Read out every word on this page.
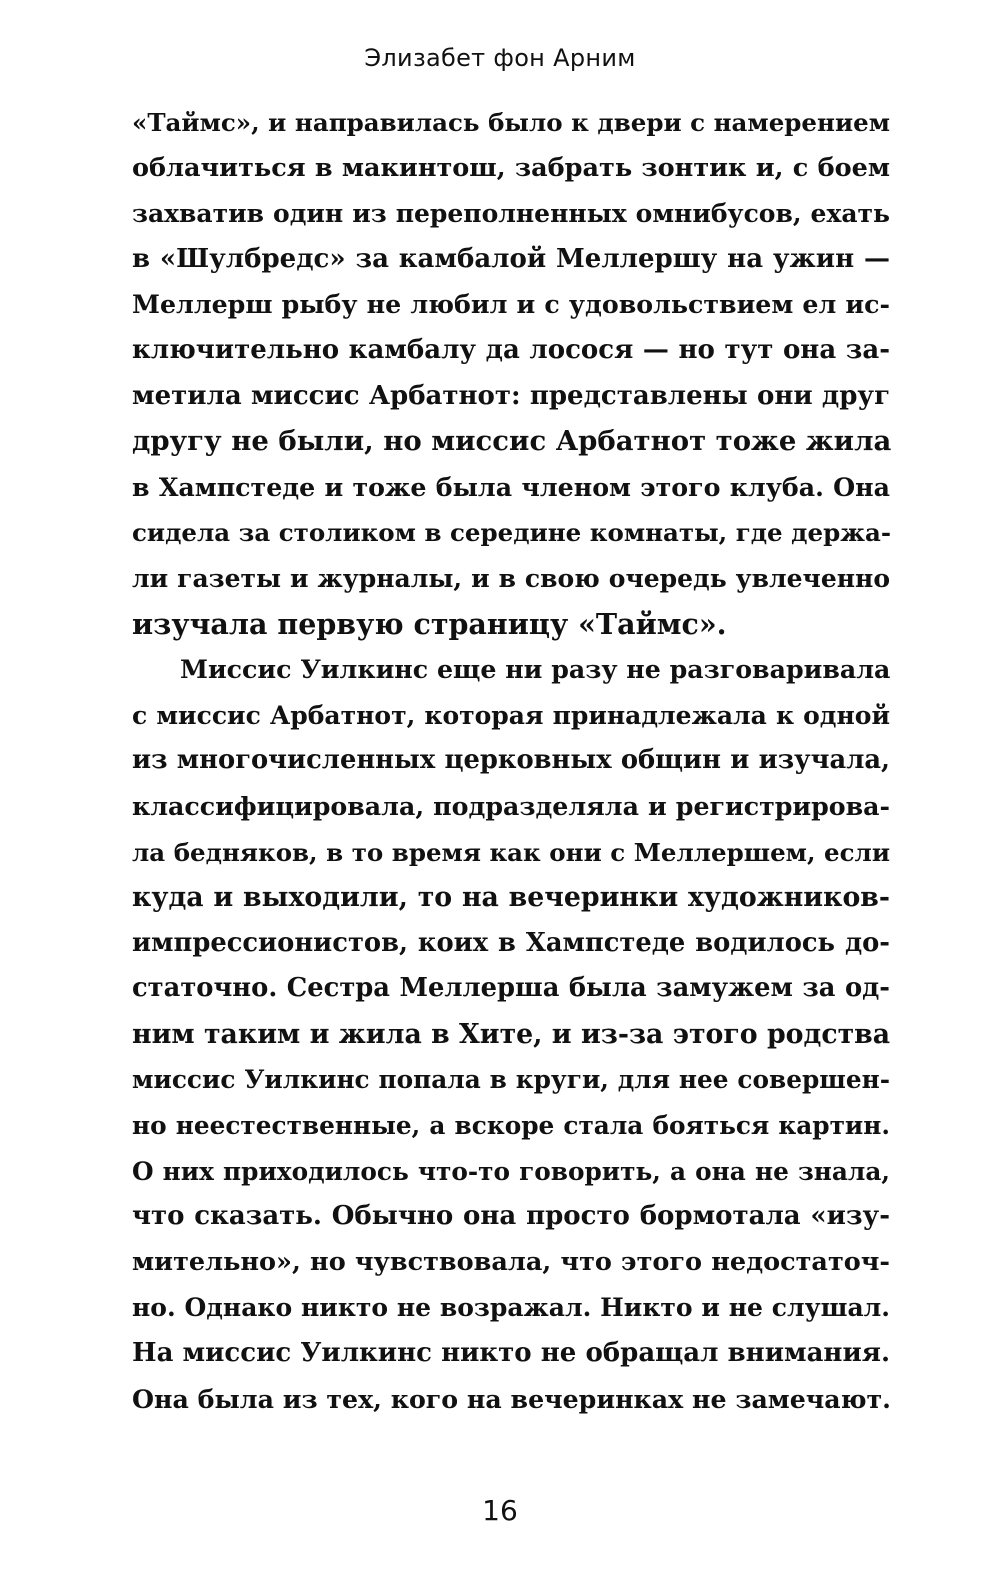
Элизабет фон Арним
«Таймс», и направилась было к двери с намерением
облачиться в макинтош, забрать зонтик и, с боем
захватив один из переполненных омнибусов, ехать
в «Шулбредс» за камбалой Меллершу на ужин —
Меллерш рыбу не любил и с удовольствием ел ис-
ключительно камбалу да лосося — но тут она за-
метила миссис Арбатнот: представлены они друг
другу не были, но миссис Арбатнот тоже жила
в Хампстеде и тоже была членом этого клуба. Она
сидела за столиком в середине комнаты, где держа-
ли газеты и журналы, и в свою очередь увлеченно
изучала первую страницу «Таймс».
Миссис Уилкинс еще ни разу не разговаривала
с миссис Арбатнот, которая принадлежала к одной
из многочисленных церковных общин и изучала,
классифицировала, подразделяла и регистрирова-
ла бедняков, в то время как они с Меллершем, если
куда и выходили, то на вечеринки художников-
импрессионистов, коих в Хампстеде водилось до-
статочно. Сестра Меллерша была замужем за од-
ним таким и жила в Хите, и из-за этого родства
миссис Уилкинс попала в круги, для нее совершен-
но неестественные, а вскоре стала бояться картин.
О них приходилось что-то говорить, а она не знала,
что сказать. Обычно она просто бормотала «изу-
мительно», но чувствовала, что этого недостаточ-
но. Однако никто не возражал. Никто и не слушал.
На миссис Уилкинс никто не обращал внимания.
Она была из тех, кого на вечеринках не замечают.
16
